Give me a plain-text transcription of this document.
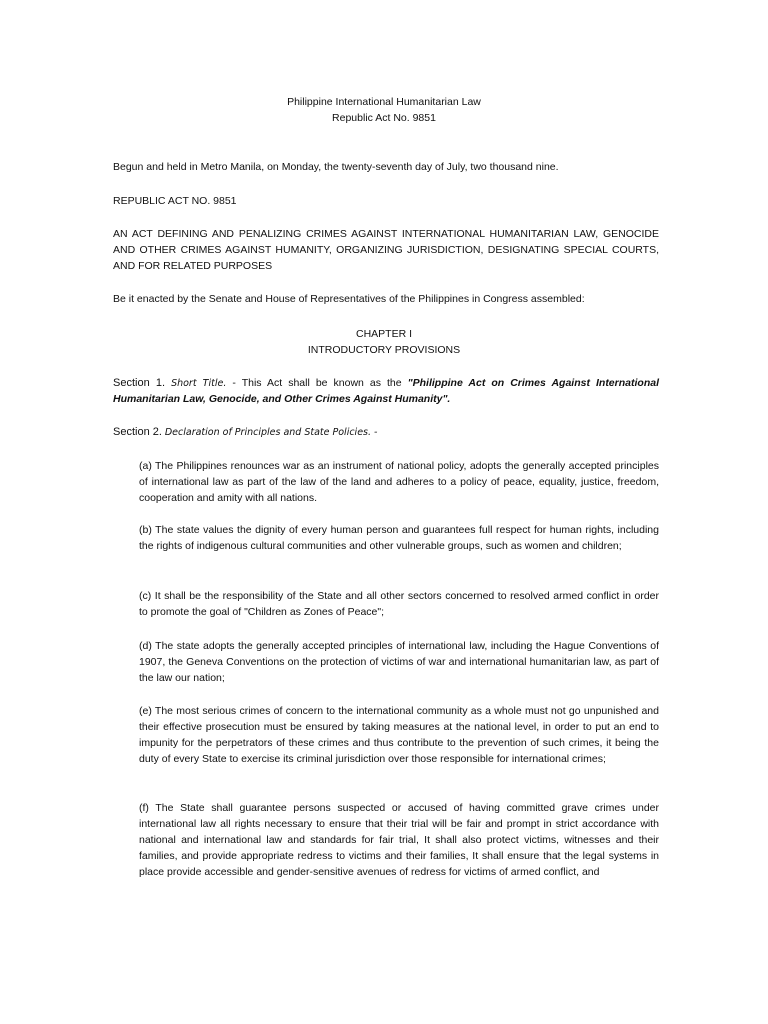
Philippine International Humanitarian Law
Republic Act No. 9851

Begun and held in Metro Manila, on Monday, the twenty-seventh day of July, two thousand nine.

REPUBLIC ACT NO. 9851

AN ACT DEFINING AND PENALIZING CRIMES AGAINST INTERNATIONAL HUMANITARIAN LAW, GENOCIDE AND OTHER CRIMES AGAINST HUMANITY, ORGANIZING JURISDICTION, DESIGNATING SPECIAL COURTS, AND FOR RELATED PURPOSES

Be it enacted by the Senate and House of Representatives of the Philippines in Congress assembled:

CHAPTER I
INTRODUCTORY PROVISIONS

Section 1. Short Title. - This Act shall be known as the "Philippine Act on Crimes Against International Humanitarian Law, Genocide, and Other Crimes Against Humanity".

Section 2. Declaration of Principles and State Policies. -

(a) The Philippines renounces war as an instrument of national policy, adopts the generally accepted principles of international law as part of the law of the land and adheres to a policy of peace, equality, justice, freedom, cooperation and amity with all nations.

(b) The state values the dignity of every human person and guarantees full respect for human rights, including the rights of indigenous cultural communities and other vulnerable groups, such as women and children;

(c) It shall be the responsibility of the State and all other sectors concerned to resolved armed conflict in order to promote the goal of "Children as Zones of Peace";

(d) The state adopts the generally accepted principles of international law, including the Hague Conventions of 1907, the Geneva Conventions on the protection of victims of war and international humanitarian law, as part of the law our nation;

(e) The most serious crimes of concern to the international community as a whole must not go unpunished and their effective prosecution must be ensured by taking measures at the national level, in order to put an end to impunity for the perpetrators of these crimes and thus contribute to the prevention of such crimes, it being the duty of every State to exercise its criminal jurisdiction over those responsible for international crimes;

(f) The State shall guarantee persons suspected or accused of having committed grave crimes under international law all rights necessary to ensure that their trial will be fair and prompt in strict accordance with national and international law and standards for fair trial, It shall also protect victims, witnesses and their families, and provide appropriate redress to victims and their families, It shall ensure that the legal systems in place provide accessible and gender-sensitive avenues of redress for victims of armed conflict, and
